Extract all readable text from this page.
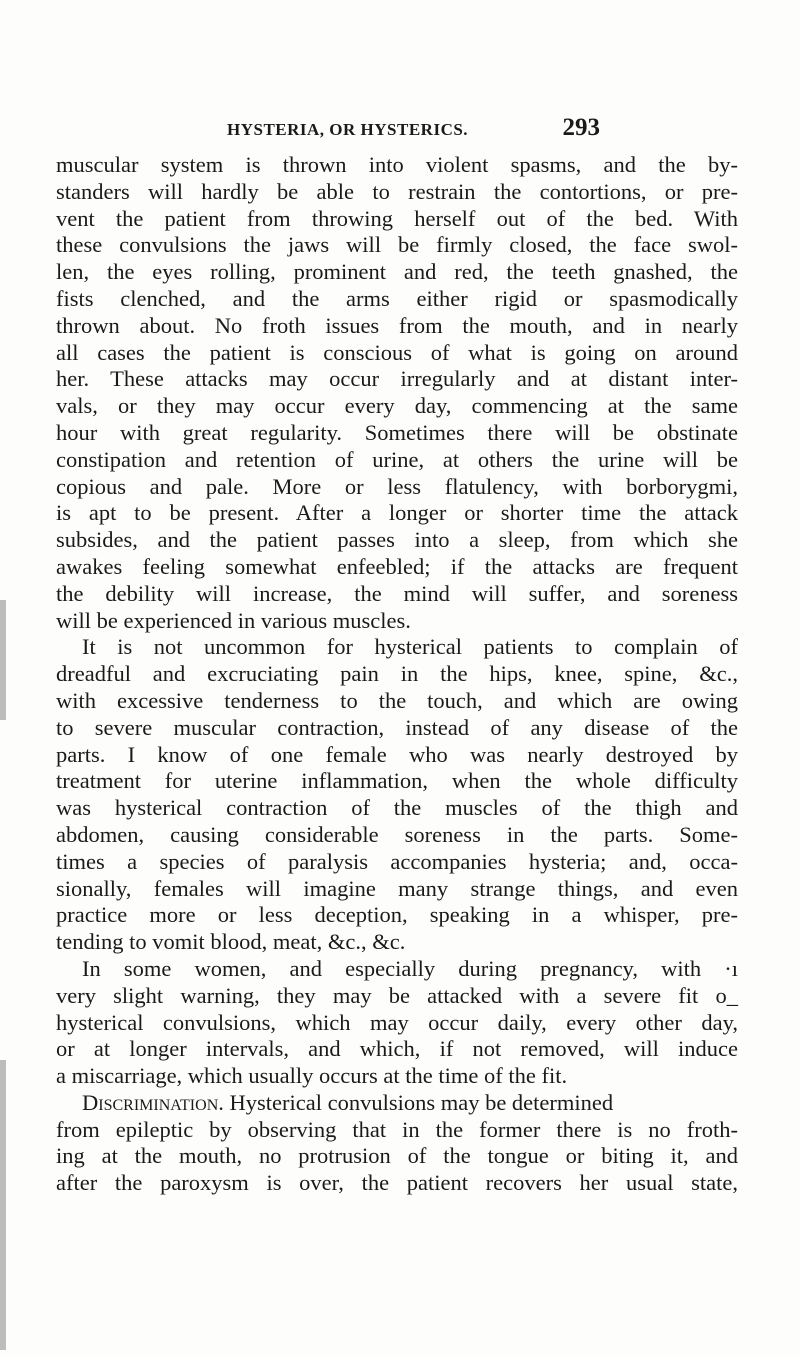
HYSTERIA, OR HYSTERICS.	293
muscular system is thrown into violent spasms, and the by-
standers will hardly be able to restrain the contortions, or pre-
vent the patient from throwing herself out of the bed. With
these convulsions the jaws will be firmly closed, the face swol-
len, the eyes rolling, prominent and red, the teeth gnashed, the
fists clenched, and the arms either rigid or spasmodically
thrown about. No froth issues from the mouth, and in nearly
all cases the patient is conscious of what is going on around
her. These attacks may occur irregularly and at distant inter-
vals, or they may occur every day, commencing at the same
hour with great regularity. Sometimes there will be obstinate
constipation and retention of urine, at others the urine will be
copious and pale. More or less flatulency, with borborygmi,
is apt to be present. After a longer or shorter time the attack
subsides, and the patient passes into a sleep, from which she
awakes feeling somewhat enfeebled; if the attacks are frequent
the debility will increase, the mind will suffer, and soreness
will be experienced in various muscles.
It is not uncommon for hysterical patients to complain of
dreadful and excruciating pain in the hips, knee, spine, &c.,
with excessive tenderness to the touch, and which are owing
to severe muscular contraction, instead of any disease of the
parts. I know of one female who was nearly destroyed by
treatment for uterine inflammation, when the whole difficulty
was hysterical contraction of the muscles of the thigh and
abdomen, causing considerable soreness in the parts. Some-
times a species of paralysis accompanies hysteria; and, occa-
sionally, females will imagine many strange things, and even
practice more or less deception, speaking in a whisper, pre-
tending to vomit blood, meat, &c., &c.
In some women, and especially during pregnancy, with ·ı
very slight warning, they may be attacked with a severe fit o_
hysterical convulsions, which may occur daily, every other day,
or at longer intervals, and which, if not removed, will induce
a miscarriage, which usually occurs at the time of the fit.
Discrimination. Hysterical convulsions may be determined
from epileptic by observing that in the former there is no froth-
ing at the mouth, no protrusion of the tongue or biting it, and
after the paroxysm is over, the patient recovers her usual state,
